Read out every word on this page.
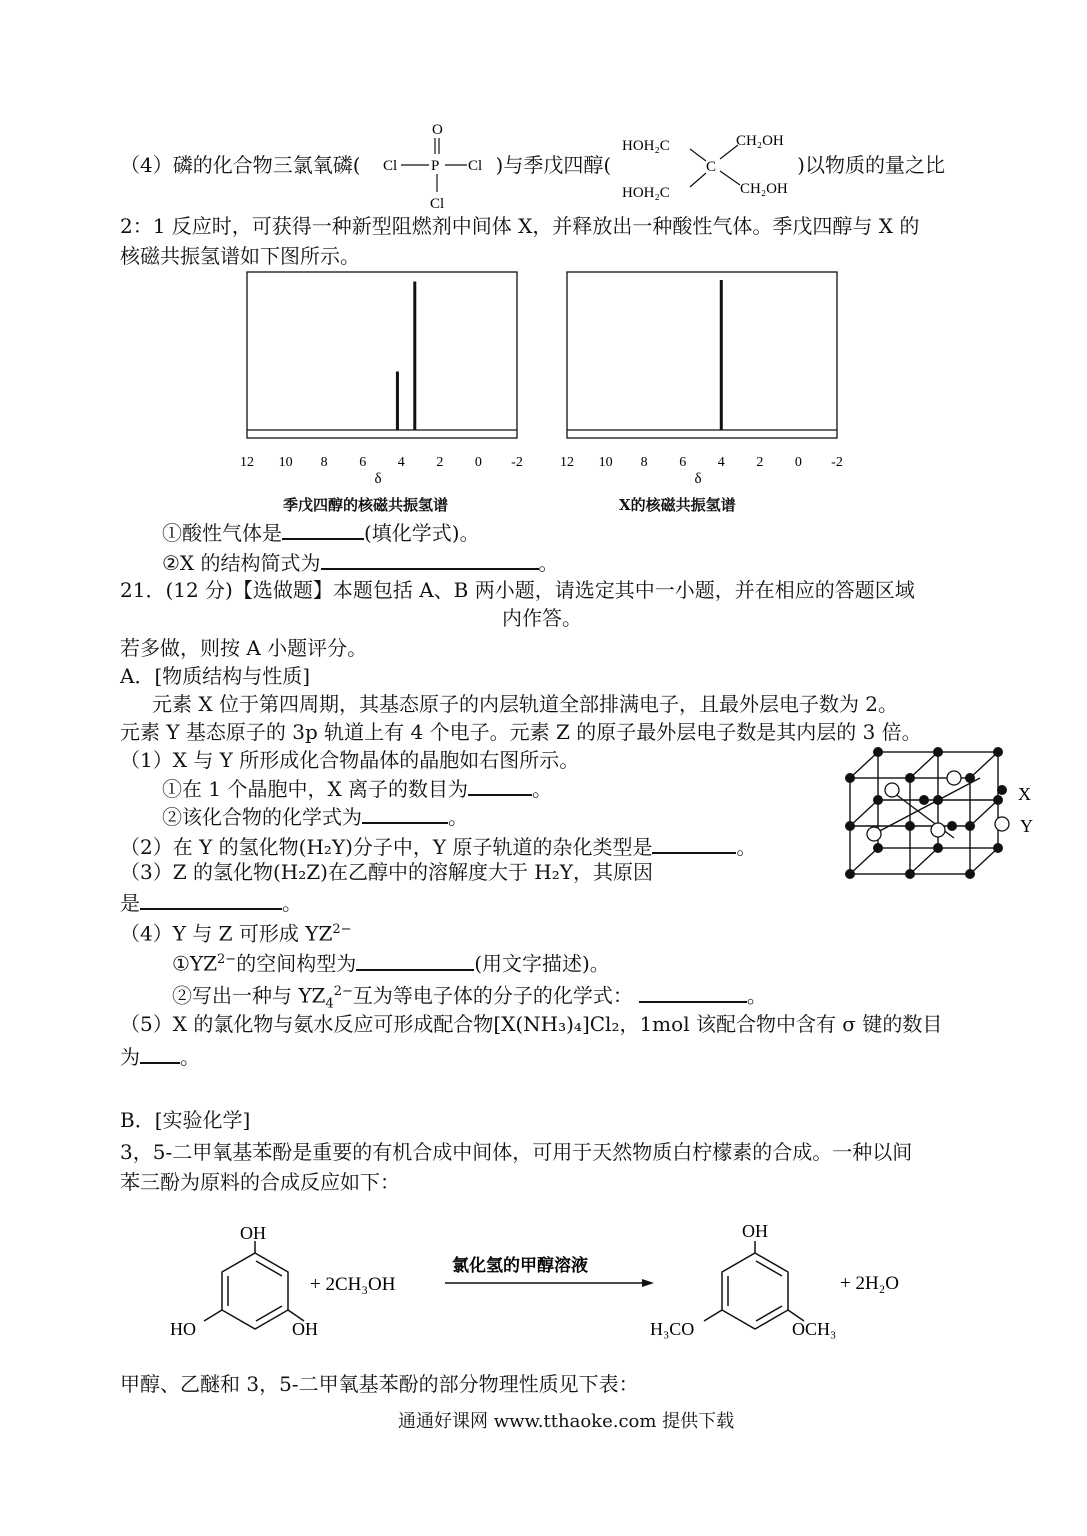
（4）磷的化合物三氯氧磷(	)与季戊四醇(	)以物质的量之比
O
P
Cl	Cl
Cl
HOH₂C	CH₂OH
C
HOH₂C	CH₂OH
2：1 反应时，可获得一种新型阻燃剂中间体 X，并释放出一种酸性气体。季戊四醇与 X 的
核磁共振氢谱如下图所示。
12 10 8 6 4 2 0 -2
δ
12 10 8 6 4 2 0 -2
δ
季戊四醇的核磁共振氢谱	X的核磁共振氢谱
①酸性气体是	(填化学式)。
②X 的结构简式为	。
21．(12 分)【选做题】本题包括 A、B 两小题，请选定其中一小题，并在相应的答题区域
内作答。
若多做，则按 A 小题评分。
A．[物质结构与性质]
元素 X 位于第四周期，其基态原子的内层轨道全部排满电子，且最外层电子数为 2。
元素 Y 基态原子的 3p 轨道上有 4 个电子。元素 Z 的原子最外层电子数是其内层的 3 倍。
（1）X 与 Y 所形成化合物晶体的晶胞如右图所示。
①在 1 个晶胞中，X 离子的数目为	。
②该化合物的化学式为	。
（2）在 Y 的氢化物(H₂Y)分子中，Y 原子轨道的杂化类型是	。
（3）Z 的氢化物(H₂Z)在乙醇中的溶解度大于 H₂Y，其原因
是	。
（4）Y 与 Z 可形成 $YZ^{2-}$
$①YZ^{2-}$的空间构型为	(用文字描述)。
②写出一种与 $YZ_4^{2-}$互为等电子体的分子的化学式：	。
（5）X 的氯化物与氨水反应可形成配合物[X(NH₃)₄]Cl₂，1mol 该配合物中含有 σ 键的数目
为 。
X
Y
B．[实验化学]
3，5-二甲氧基苯酚是重要的有机合成中间体，可用于天然物质白柠檬素的合成。一种以间
苯三酚为原料的合成反应如下：
OH
HO	OH
+ 2CH₃OH
氯化氢的甲醇溶液
OH
H₃CO	OCH₃
+ 2H₂O
甲醇、乙醚和 3，5-二甲氧基苯酚的部分物理性质见下表：
通通好课网 www.tthaoke.com 提供下载
